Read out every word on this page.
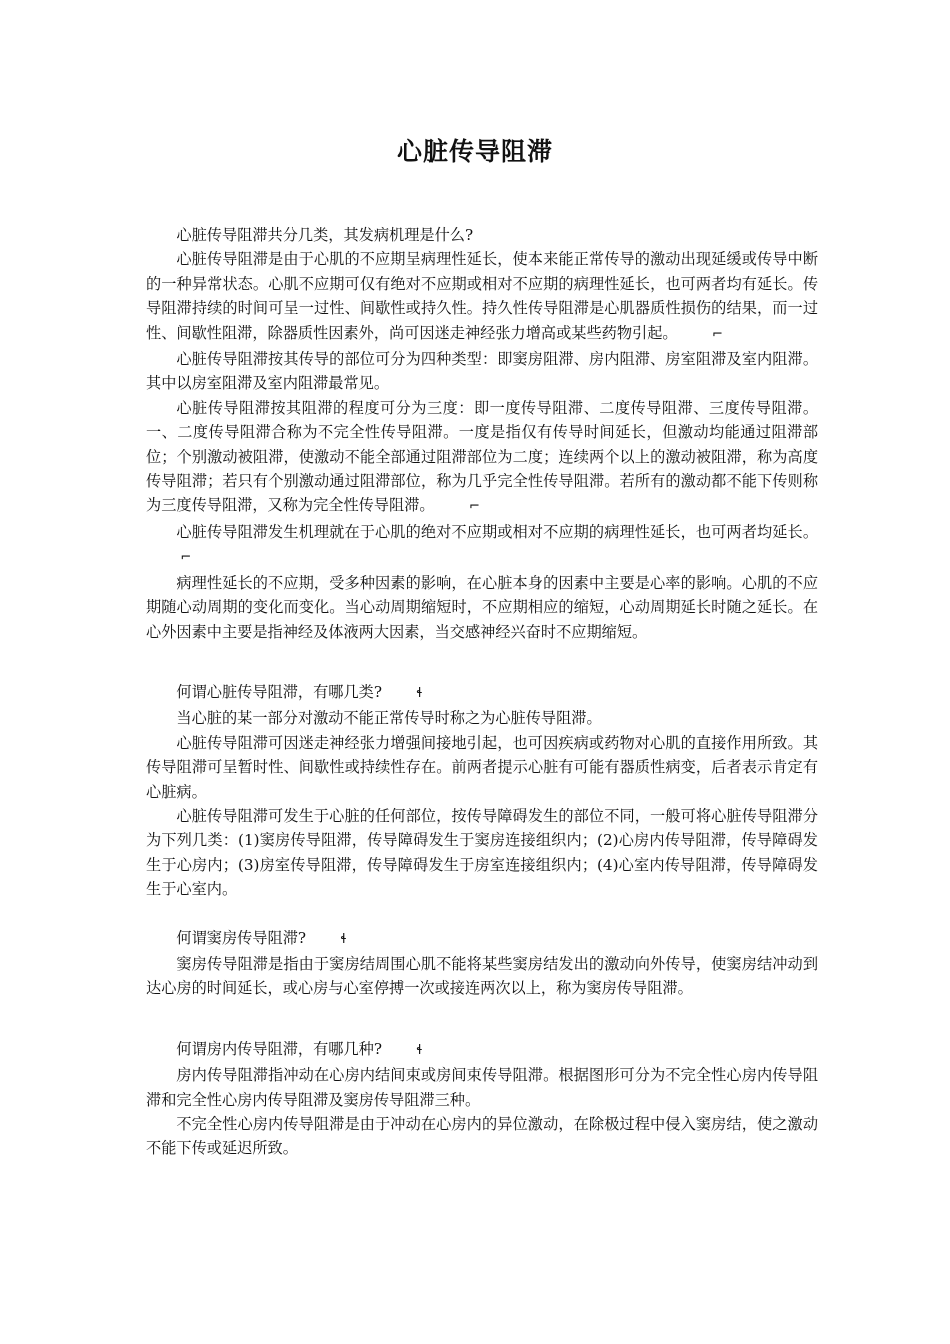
心脏传导阻滞

心脏传导阻滞共分几类，其发病机理是什么?

心脏传导阻滞是由于心肌的不应期呈病理性延长，使本来能正常传导的激动出现延缓或传导中断的一种异常状态。心肌不应期可仅有绝对不应期或相对不应期的病理性延长，也可两者均有延长。传导阻滞持续的时间可呈一过性、间歇性或持久性。持久性传导阻滞是心肌器质性损伤的结果，而一过性、间歇性阻滞，除器质性因素外，尚可因迷走神经张力增高或某些药物引起。	⌐

心脏传导阻滞按其传导的部位可分为四种类型：即窦房阻滞、房内阻滞、房室阻滞及室内阻滞。其中以房室阻滞及室内阻滞最常见。

心脏传导阻滞按其阻滞的程度可分为三度：即一度传导阻滞、二度传导阻滞、三度传导阻滞。一、二度传导阻滞合称为不完全性传导阻滞。一度是指仅有传导时间延长，但激动均能通过阻滞部位；个别激动被阻滞，使激动不能全部通过阻滞部位为二度；连续两个以上的激动被阻滞，称为高度传导阻滞；若只有个别激动通过阻滞部位，称为几乎完全性传导阻滞。若所有的激动都不能下传则称为三度传导阻滞，又称为完全性传导阻滞。	⌐

心脏传导阻滞发生机理就在于心肌的绝对不应期或相对不应期的病理性延长，也可两者均延长。⌐

病理性延长的不应期，受多种因素的影响，在心脏本身的因素中主要是心率的影响。心肌的不应期随心动周期的变化而变化。当心动周期缩短时，不应期相应的缩短，心动周期延长时随之延长。在心外因素中主要是指神经及体液两大因素，当交感神经兴奋时不应期缩短。

何谓心脏传导阻滞，有哪几类?	ɬ

当心脏的某一部分对激动不能正常传导时称之为心脏传导阻滞。

心脏传导阻滞可因迷走神经张力增强间接地引起，也可因疾病或药物对心肌的直接作用所致。其传导阻滞可呈暂时性、间歇性或持续性存在。前两者提示心脏有可能有器质性病变，后者表示肯定有心脏病。

心脏传导阻滞可发生于心脏的任何部位，按传导障碍发生的部位不同，一般可将心脏传导阻滞分为下列几类：(1)窦房传导阻滞，传导障碍发生于窦房连接组织内；(2)心房内传导阻滞，传导障碍发生于心房内；(3)房室传导阻滞，传导障碍发生于房室连接组织内；(4)心室内传导阻滞，传导障碍发生于心室内。

何谓窦房传导阻滞?	ɬ

窦房传导阻滞是指由于窦房结周围心肌不能将某些窦房结发出的激动向外传导，使窦房结冲动到达心房的时间延长，或心房与心室停搏一次或接连两次以上，称为窦房传导阻滞。

何谓房内传导阻滞，有哪几种?	ɬ

房内传导阻滞指冲动在心房内结间束或房间束传导阻滞。根据图形可分为不完全性心房内传导阻滞和完全性心房内传导阻滞及窦房传导阻滞三种。

不完全性心房内传导阻滞是由于冲动在心房内的异位激动，在除极过程中侵入窦房结，使之激动不能下传或延迟所致。
